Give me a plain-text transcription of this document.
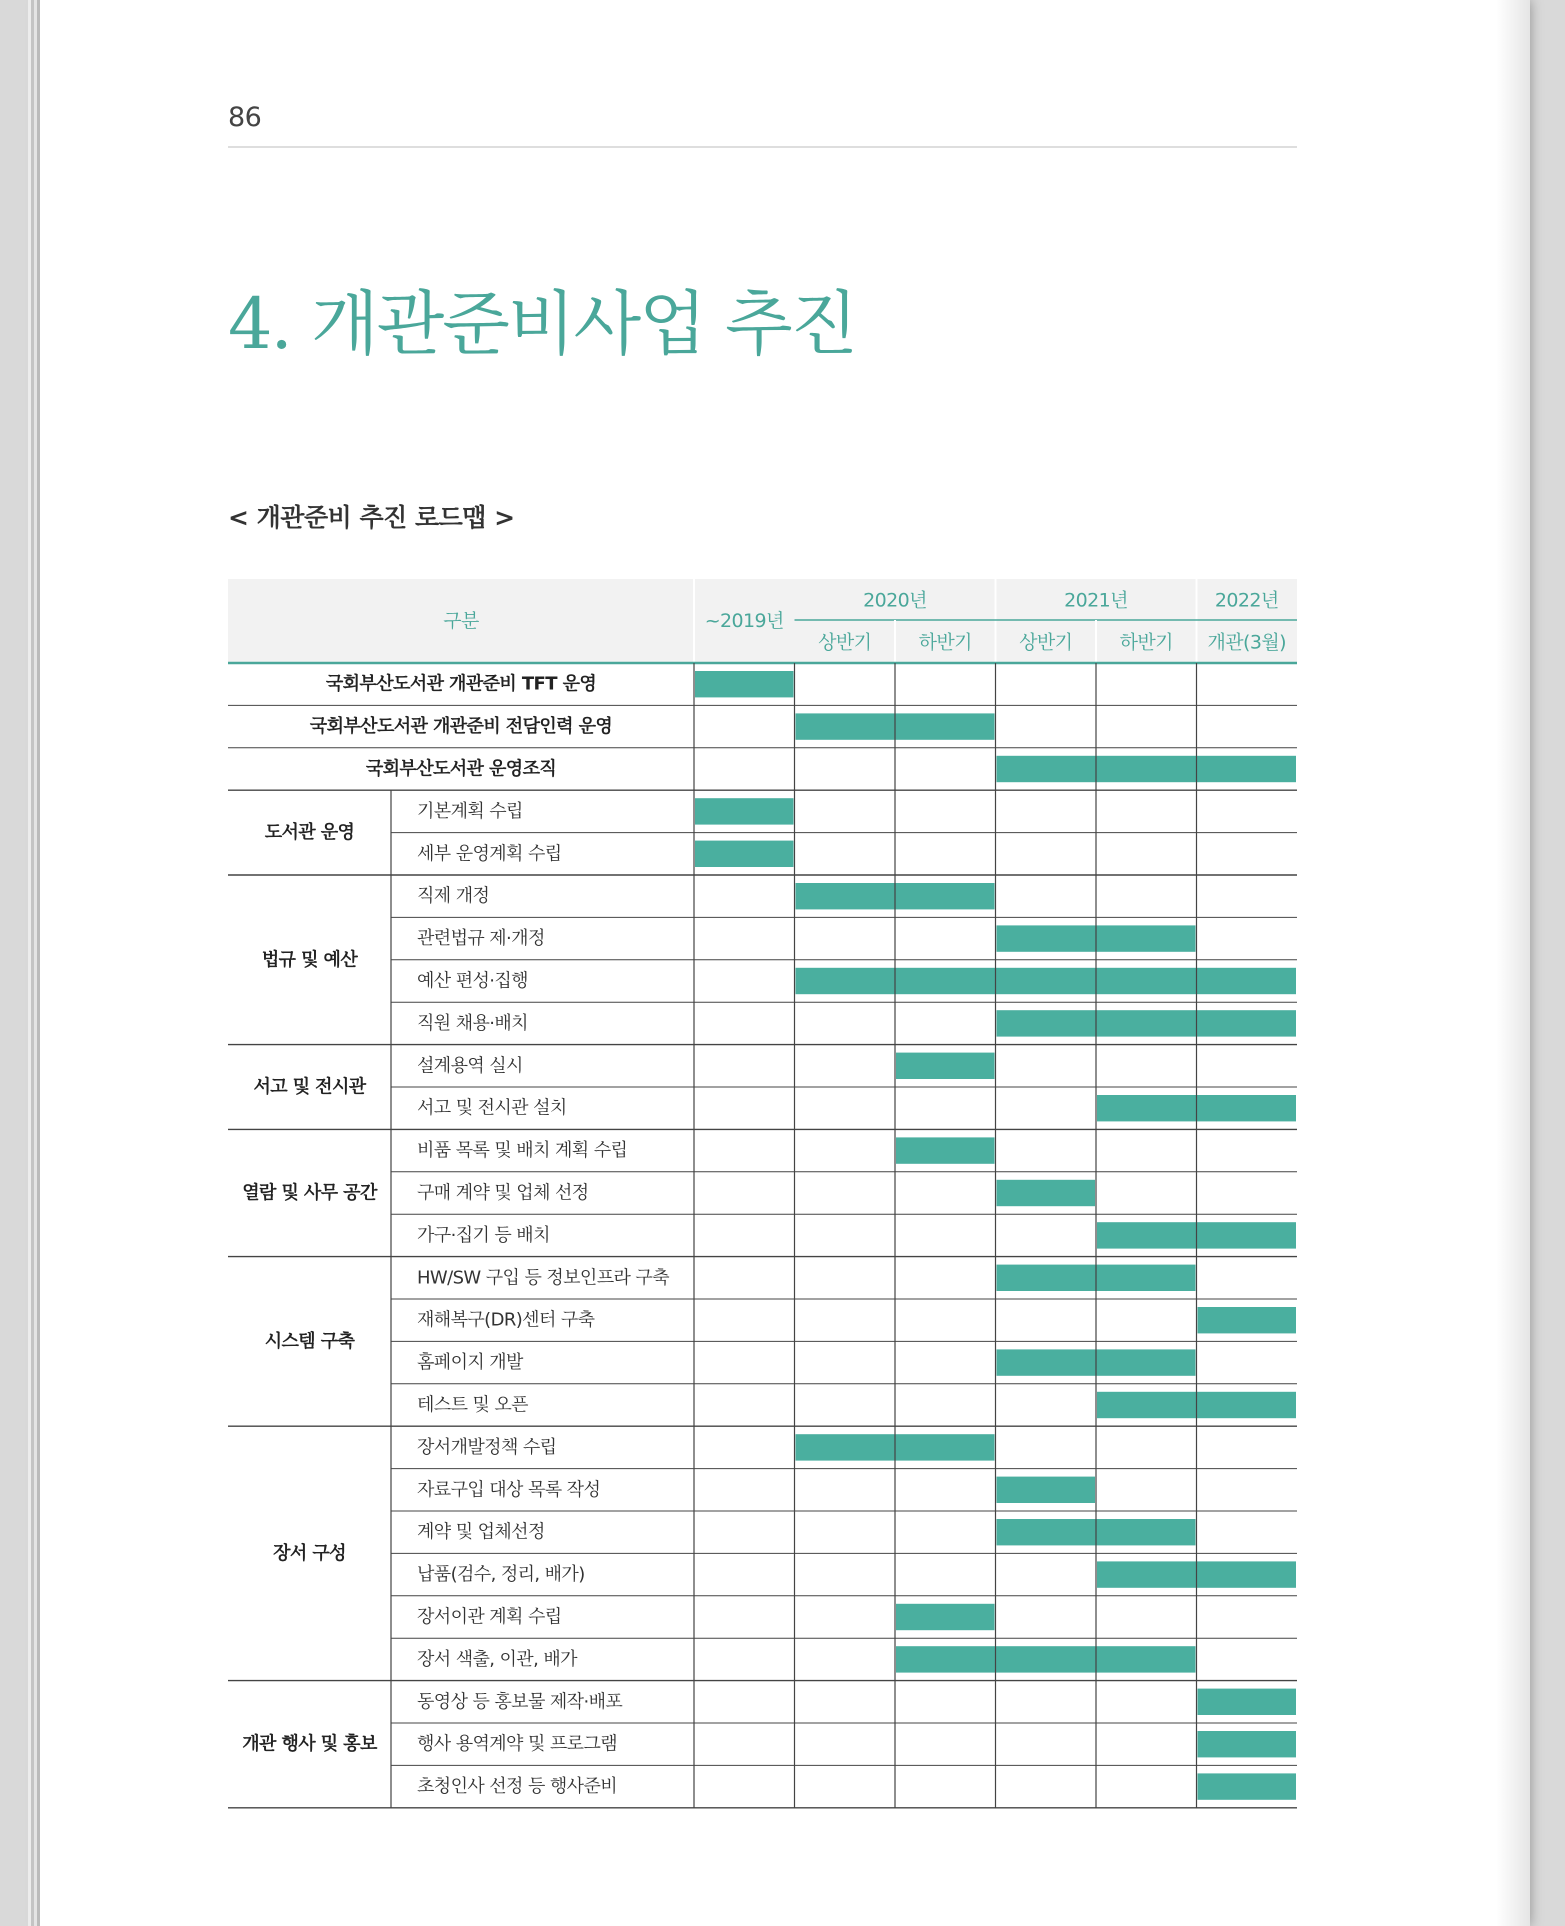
86
4. 개관준비사업 추진
< 개관준비 추진 로드맵 >
구분	~2019년
2020년
상반기 하반기
2021년
상반기 하반기
2022년
개관(3월)
국회부산도서관 개관준비 TFT 운영
국회부산도서관 개관준비 전담인력 운영
국회부산도서관 운영조직
기본계획 수립
세부 운영계획 수립
도서관 운영
직제 개정
관련법규 제·개정
예산 편성·집행
직원 채용·배치
법규 및 예산
설계용역 실시
서고 및 전시관 설치
서고 및 전시관
비품 목록 및 배치 계획 수립
구매 계약 및 업체 선정
가구·집기 등 배치
열람 및 사무 공간
HW/SW 구입 등 정보인프라 구축
재해복구(DR)센터 구축
홈페이지 개발
테스트 및 오픈
시스템 구축
장서개발정책 수립
자료구입 대상 목록 작성
계약 및 업체선정
납품(검수, 정리, 배가)
장서이관 계획 수립
장서 색출, 이관, 배가
장서 구성
동영상 등 홍보물 제작·배포
행사 용역계약 및 프로그램
초청인사 선정 등 행사준비
개관 행사 및 홍보
